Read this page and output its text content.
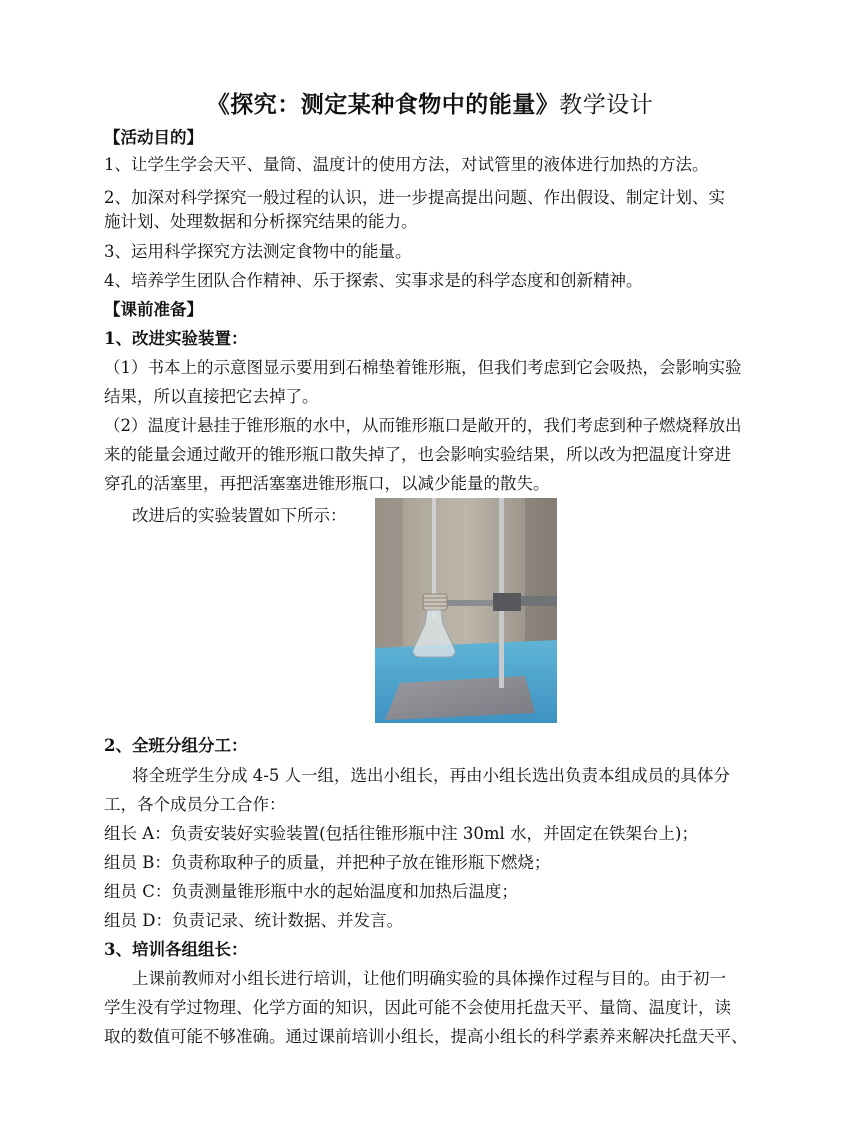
《探究：测定某种食物中的能量》教学设计
【活动目的】
1、让学生学会天平、量筒、温度计的使用方法，对试管里的液体进行加热的方法。
2、加深对科学探究一般过程的认识，进一步提高提出问题、作出假设、制定计划、实
施计划、处理数据和分析探究结果的能力。
3、运用科学探究方法测定食物中的能量。
4、培养学生团队合作精神、乐于探索、实事求是的科学态度和创新精神。
【课前准备】
1、改进实验装置：
（1）书本上的示意图显示要用到石棉垫着锥形瓶，但我们考虑到它会吸热，会影响实验
结果，所以直接把它去掉了。
（2）温度计悬挂于锥形瓶的水中，从而锥形瓶口是敞开的，我们考虑到种子燃烧释放出
来的能量会通过敞开的锥形瓶口散失掉了，也会影响实验结果，所以改为把温度计穿进
穿孔的活塞里，再把活塞塞进锥形瓶口，以减少能量的散失。
改进后的实验装置如下所示：
2、全班分组分工：
将全班学生分成 4-5 人一组，选出小组长，再由小组长选出负责本组成员的具体分
工，各个成员分工合作：
组长 A：负责安装好实验装置(包括往锥形瓶中注 30ml 水，并固定在铁架台上)；
组员 B：负责称取种子的质量，并把种子放在锥形瓶下燃烧；
组员 C：负责测量锥形瓶中水的起始温度和加热后温度；
组员 D：负责记录、统计数据、并发言。
3、培训各组组长：
上课前教师对小组长进行培训，让他们明确实验的具体操作过程与目的。由于初一
学生没有学过物理、化学方面的知识，因此可能不会使用托盘天平、量筒、温度计，读
取的数值可能不够准确。通过课前培训小组长，提高小组长的科学素养来解决托盘天平、
